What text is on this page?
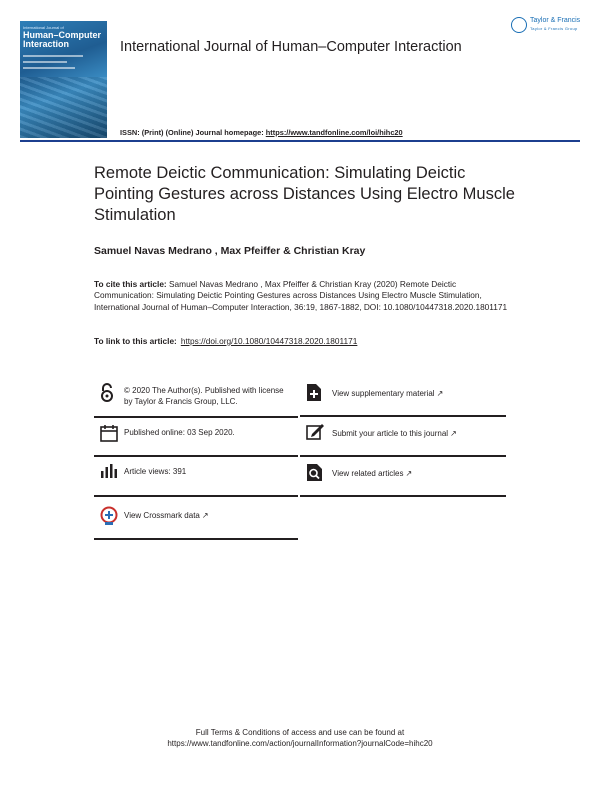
International Journal of
Human–Computer Interaction	International Journal of Human–Computer Interaction
Taylor & Francis
Taylor & Francis Group
ISSN: (Print) (Online) Journal homepage: https://www.tandfonline.com/loi/hihc20
Remote Deictic Communication: Simulating Deictic Pointing Gestures across Distances Using Electro Muscle Stimulation
Samuel Navas Medrano , Max Pfeiffer & Christian Kray
To cite this article: Samuel Navas Medrano , Max Pfeiffer & Christian Kray (2020) Remote Deictic Communication: Simulating Deictic Pointing Gestures across Distances Using Electro Muscle Stimulation, International Journal of Human–Computer Interaction, 36:19, 1867-1882, DOI: 10.1080/10447318.2020.1801171
To link to this article: https://doi.org/10.1080/10447318.2020.1801171
© 2020 The Author(s). Published with license by Taylor & Francis Group, LLC.
Published online: 03 Sep 2020.
Article views: 391
View Crossmark data ↗
View supplementary material ↗
Submit your article to this journal ↗
View related articles ↗
Full Terms & Conditions of access and use can be found at
https://www.tandfonline.com/action/journalInformation?journalCode=hihc20
